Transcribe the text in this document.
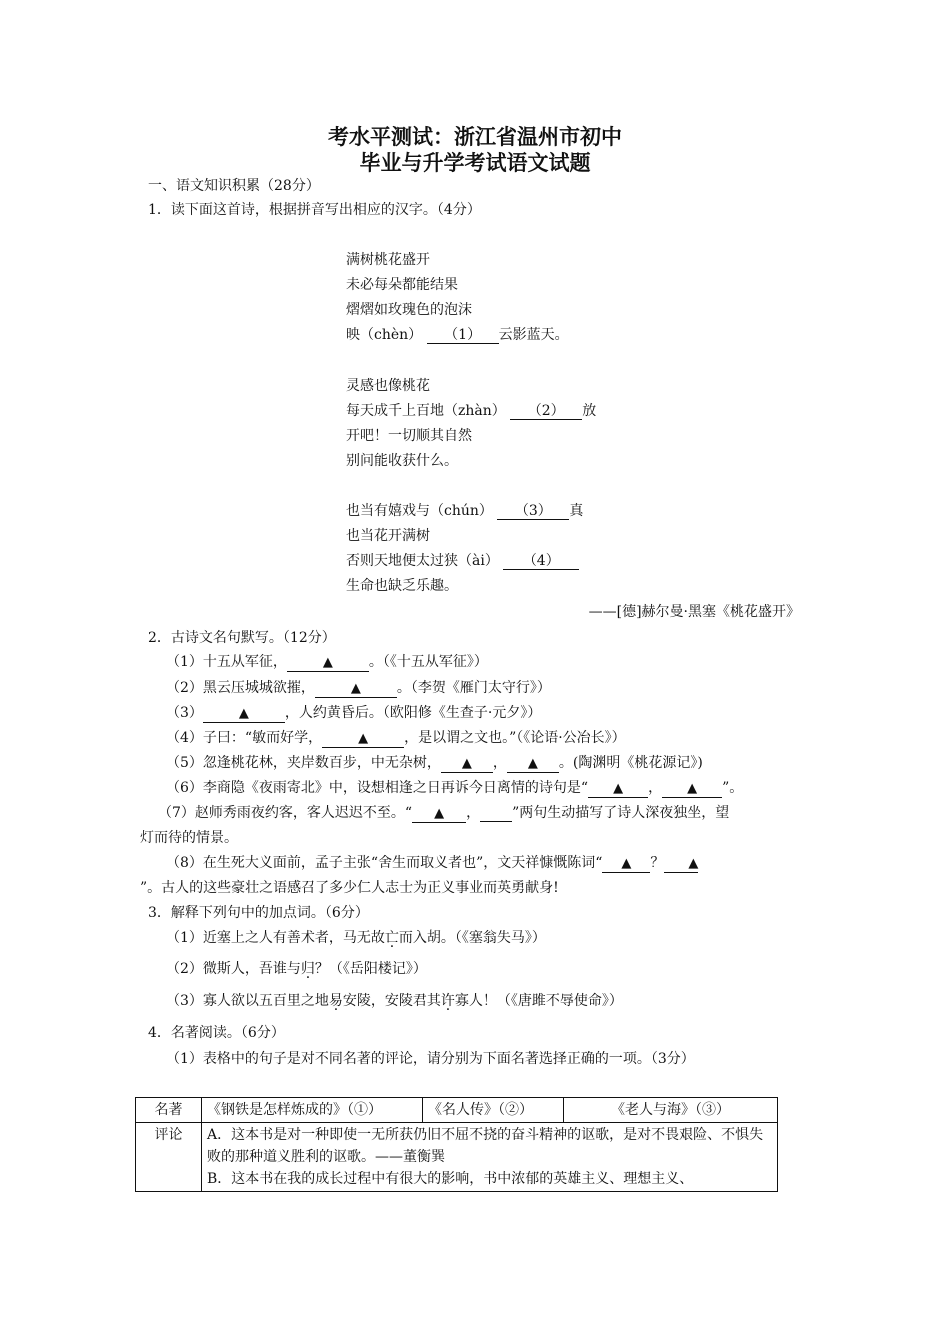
考水平测试：浙江省温州市初中
毕业与升学考试语文试题
一、语文知识积累（28分）
1．读下面这首诗，根据拼音写出相应的汉字。（4分）
满树桃花盛开
未必每朵都能结果
熠熠如玫瑰色的泡沫
映（chèn） （1） 云影蓝天。
灵感也像桃花
每天成千上百地（zhàn） （2） 放
开吧！一切顺其自然
别问能收获什么。
也当有嬉戏与（chún） （3） 真
也当花开满树
否则天地便太过狭（ài） （4）
生命也缺乏乐趣。
——[德]赫尔曼·黑塞《桃花盛开》
2．古诗文名句默写。（12分）
（1）十五从军征，	▲	。（《十五从军征》）
（2）黑云压城城欲摧，	▲	。（李贺《雁门太守行》）
（3）	▲	，人约黄昏后。（欧阳修《生查子·元夕》）
（4）子曰：“敏而好学，	▲	，是以谓之文也。”（《论语·公冶长》）
（5）忽逢桃花林，夹岸数百步，中无杂树， ▲ ， ▲ 。(陶渊明《桃花源记》)
（6）李商隐《夜雨寄北》中，设想相逢之日再诉今日离情的诗句是“ ▲ ， ▲ ”。
（7）赵师秀雨夜约客，客人迟迟不至。“ ▲ ， ”两句生动描写了诗人深夜独坐，望
灯而待的情景。
（8）在生死大义面前，孟子主张“舍生而取义者也”，文天祥慷慨陈词“ ▲ ？ ▲
”。古人的这些豪壮之语感召了多少仁人志士为正义事业而英勇献身!
3．解释下列句中的加点词。（6分）
（1）近塞上之人有善术者，马无故亡而入胡。（《塞翁失马》）
（2）微斯人，吾谁与归？（《岳阳楼记》）
（3）寡人欲以五百里之地易安陵，安陵君其许寡人！（《唐雎不辱使命》）
4．名著阅读。（6分）
（1）表格中的句子是对不同名著的评论，请分别为下面名著选择正确的一项。（3分）
名著	《钢铁是怎样炼成的》（①）	《名人传》（②）	《老人与海》（③）
评论	A．这本书是对一种即使一无所获仍旧不屈不挠的奋斗精神的讴歌，是对不畏艰险、不惧失败的那种道义胜利的讴歌。——董衡巽
B．这本书在我的成长过程中有很大的影响，书中浓郁的英雄主义、理想主义、		
